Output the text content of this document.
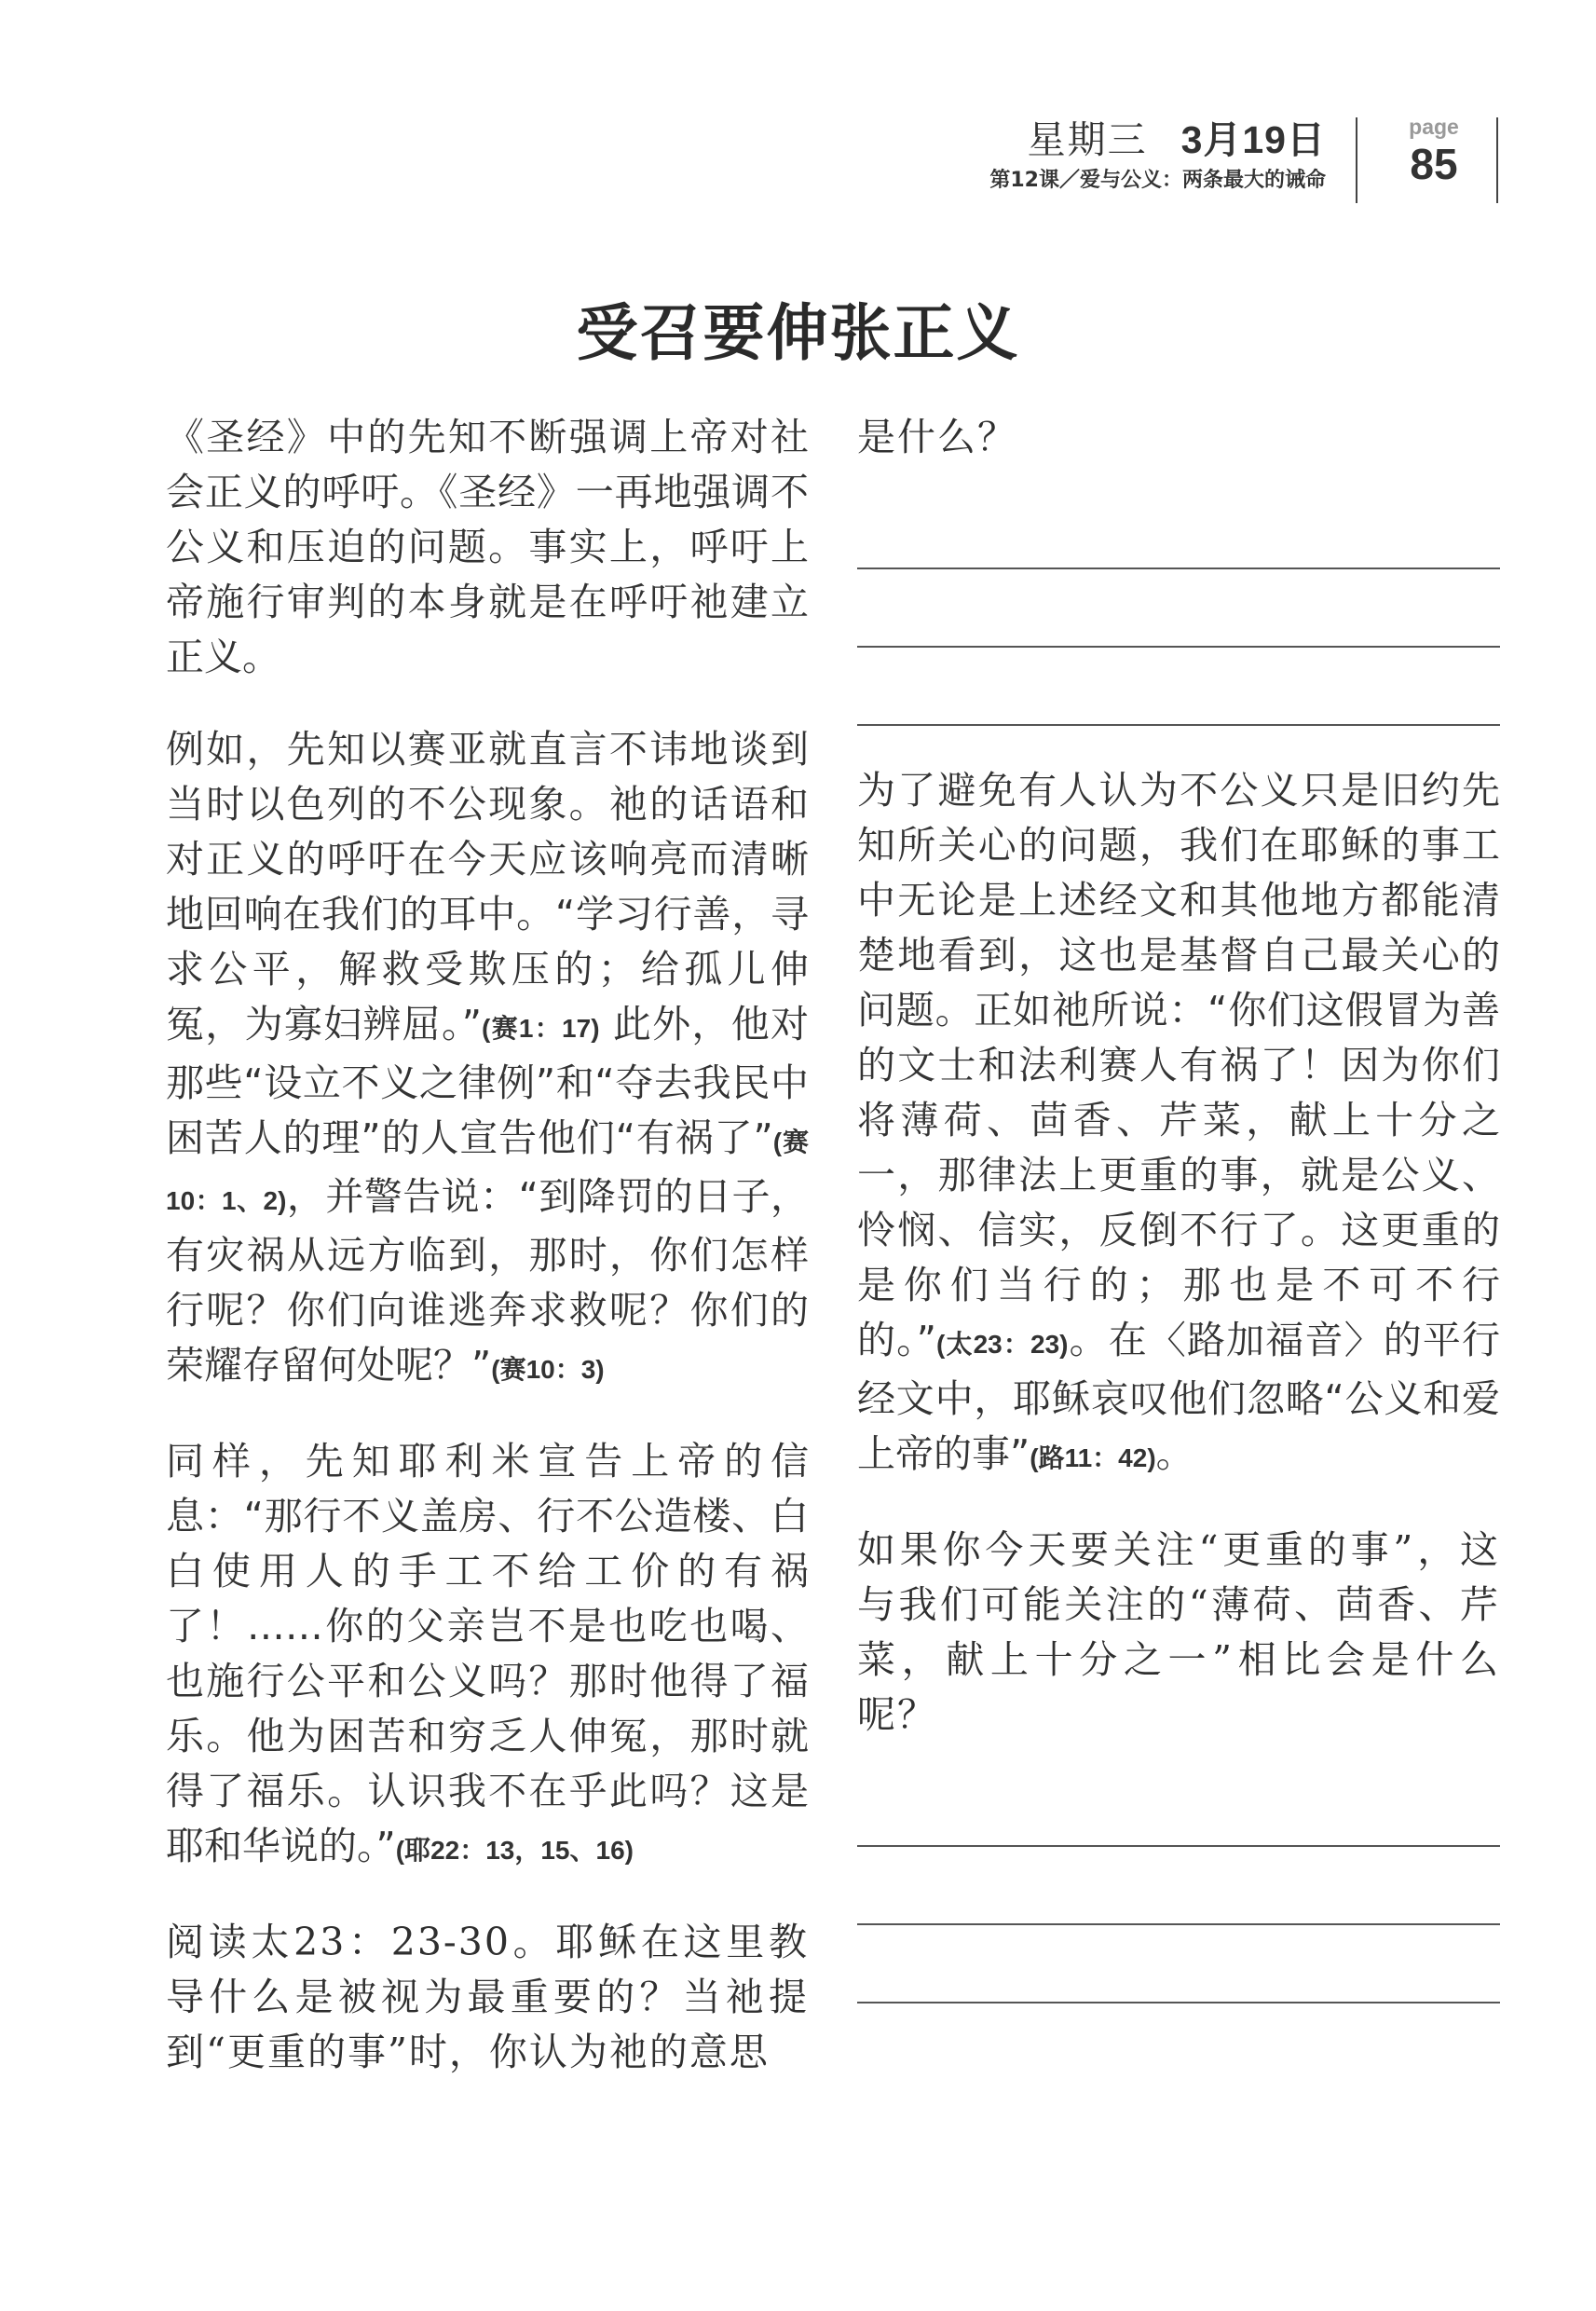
星期三 3月19日
第12课／爱与公义：两条最大的诫命
page
85
受召要伸张正义

《圣经》中的先知不断强调上帝对社会正义的呼吁。《圣经》一再地强调不公义和压迫的问题。事实上，呼吁上帝施行审判的本身就是在呼吁祂建立正义。

例如，先知以赛亚就直言不讳地谈到当时以色列的不公现象。祂的话语和对正义的呼吁在今天应该响亮而清晰地回响在我们的耳中。“学习行善，寻求公平，解救受欺压的；给孤儿伸冤，为寡妇辨屈。”(赛1：17) 此外，他对那些“设立不义之律例”和“夺去我民中困苦人的理”的人宣告他们“有祸了”(赛10：1、2)，并警告说：“到降罚的日子，有灾祸从远方临到，那时，你们怎样行呢？你们向谁逃奔求救呢？你们的荣耀存留何处呢？”(赛10：3)

同样，先知耶利米宣告上帝的信息：“那行不义盖房、行不公造楼、白白使用人的手工不给工价的有祸了！……你的父亲岂不是也吃也喝、也施行公平和公义吗？那时他得了福乐。他为困苦和穷乏人伸冤，那时就得了福乐。认识我不在乎此吗？这是耶和华说的。”(耶22：13，15、16)

阅读太23：23-30。耶稣在这里教导什么是被视为最重要的？当祂提到“更重的事”时，你认为祂的意思

是什么？

为了避免有人认为不公义只是旧约先知所关心的问题，我们在耶稣的事工中无论是上述经文和其他地方都能清楚地看到，这也是基督自己最关心的问题。正如祂所说：“你们这假冒为善的文士和法利赛人有祸了！因为你们将薄荷、茴香、芹菜，献上十分之一，那律法上更重的事，就是公义、怜悯、信实，反倒不行了。这更重的是你们当行的；那也是不可不行的。”(太23：23)。在〈路加福音〉的平行经文中，耶稣哀叹他们忽略“公义和爱上帝的事”(路11：42)。

如果你今天要关注“更重的事”，这与我们可能关注的“薄荷、茴香、芹菜，献上十分之一”相比会是什么呢？
